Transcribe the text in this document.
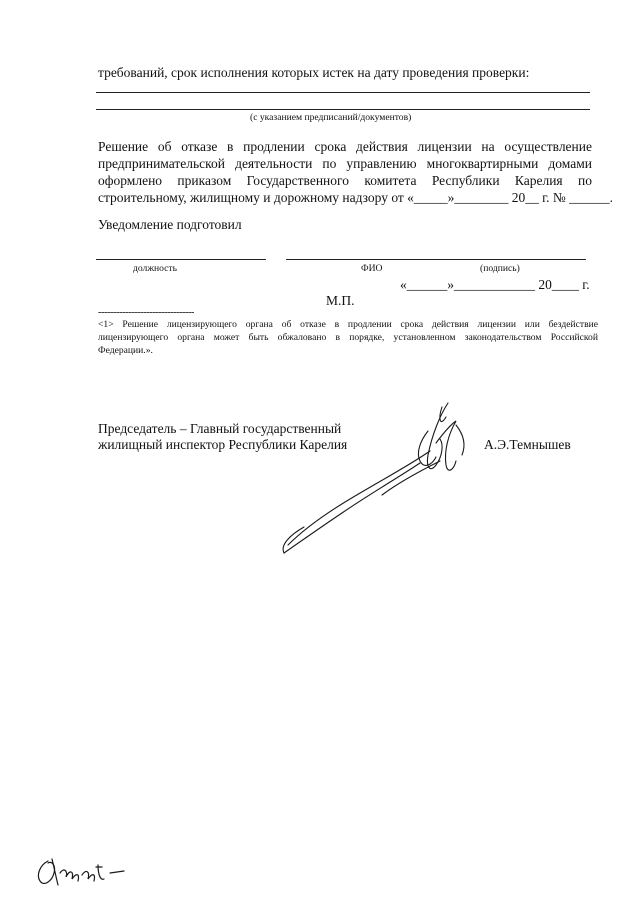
требований, срок исполнения которых истек на дату проведения проверки:
(с указанием предписаний/документов)
Решение об отказе в продлении срока действия лицензии на осуществление
предпринимательской деятельности по управлению многоквартирными домами
оформлено приказом Государственного комитета Республики Карелия по
строительному, жилищному и дорожному надзору от «_____»________ 20__ г. № ______.
Уведомление подготовил
должность	ФИО	(подпись)
«______»____________ 20____ г.
М.П.
--------------------------------
<1> Решение лицензирующего органа об отказе в продлении срока действия лицензии или бездействие
лицензирующего органа может быть обжаловано в порядке, установленном законодательством Российской
Федерации.».
Председатель – Главный государственный
жилищный инспектор Республики Карелия	А.Э.Темнышев
